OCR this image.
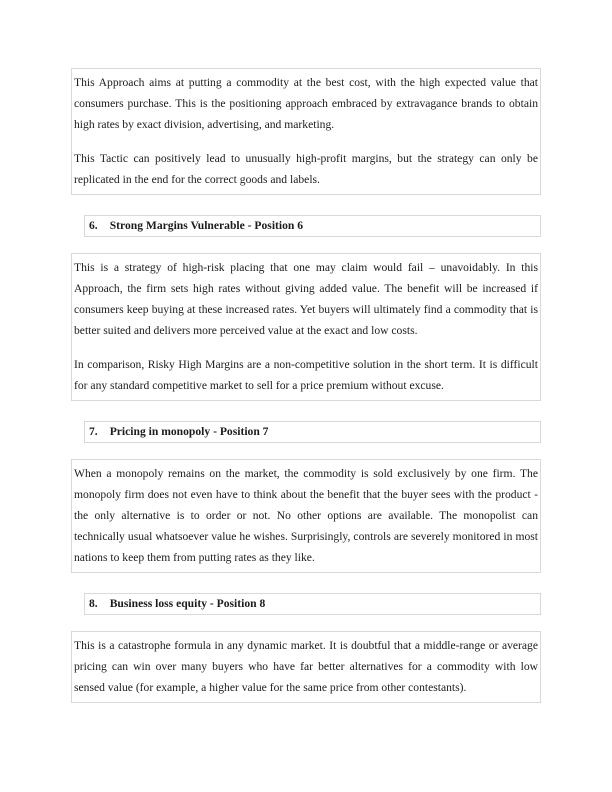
This Approach aims at putting a commodity at the best cost, with the high expected value that consumers purchase. This is the positioning approach embraced by extravagance brands to obtain high rates by exact division, advertising, and marketing.

This Tactic can positively lead to unusually high-profit margins, but the strategy can only be replicated in the end for the correct goods and labels.

6. Strong Margins Vulnerable - Position 6

This is a strategy of high-risk placing that one may claim would fail – unavoidably. In this Approach, the firm sets high rates without giving added value. The benefit will be increased if consumers keep buying at these increased rates. Yet buyers will ultimately find a commodity that is better suited and delivers more perceived value at the exact and low costs.

In comparison, Risky High Margins are a non-competitive solution in the short term. It is difficult for any standard competitive market to sell for a price premium without excuse.

7. Pricing in monopoly - Position 7

When a monopoly remains on the market, the commodity is sold exclusively by one firm. The monopoly firm does not even have to think about the benefit that the buyer sees with the product - the only alternative is to order or not. No other options are available. The monopolist can technically usual whatsoever value he wishes. Surprisingly, controls are severely monitored in most nations to keep them from putting rates as they like.

8. Business loss equity - Position 8

This is a catastrophe formula in any dynamic market. It is doubtful that a middle-range or average pricing can win over many buyers who have far better alternatives for a commodity with low sensed value (for example, a higher value for the same price from other contestants).
